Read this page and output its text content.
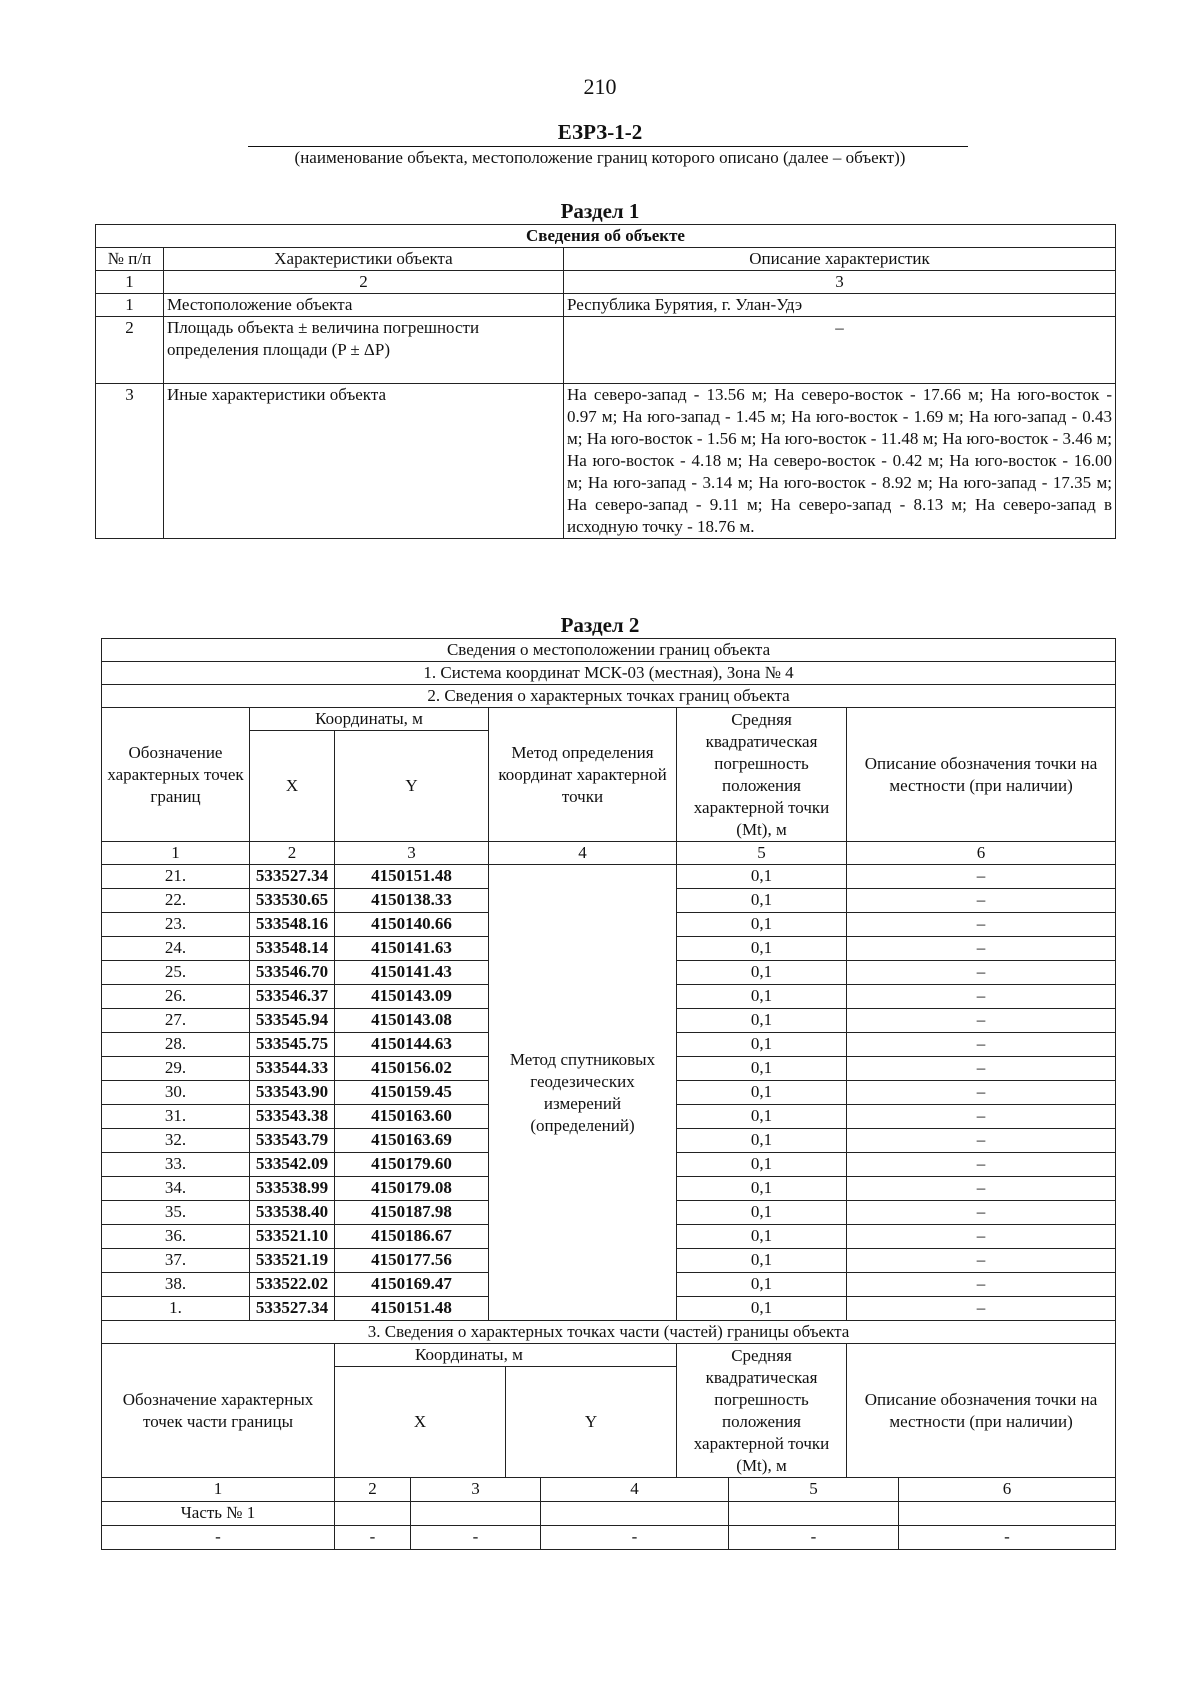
210
ЕЗРЗ-1-2
(наименование объекта, местоположение границ которого описано (далее – объект))
Раздел 1
Сведения об объекте		
№ п/п	Характеристики объекта	Описание характеристик
1	2	3
1	Местоположение объекта	Республика Бурятия, г. Улан-Удэ
2	Площадь объекта ± величина погрешности определения площади (P ± ΔP)	–
3	Иные характеристики объекта	На северо-запад - 13.56 м; На северо-восток - 17.66 м; На юго-восток - 0.97 м; На юго-запад - 1.45 м; На юго-восток - 1.69 м; На юго-запад - 0.43 м; На юго-восток - 1.56 м; На юго-восток - 11.48 м; На юго-восток - 3.46 м; На юго-восток - 4.18 м; На северо-восток - 0.42 м; На юго-восток - 16.00 м; На юго-запад - 3.14 м; На юго-восток - 8.92 м; На юго-запад - 17.35 м; На северо-запад - 9.11 м; На северо-запад - 8.13 м; На северо-запад в исходную точку - 18.76 м.
Раздел 2
Сведения о местоположении границ объекта
1. Система координат МСК-03 (местная), Зона № 4
2. Сведения о характерных точках границ объекта
Обозначение характерных точек границ	Координаты, м	Метод определения координат характерной точки	Средняя квадратическая погрешность положения характерной точки (Mt), м	Описание обозначения точки на местности (при наличии)
X	Y
1	2	3	4	5	6
21.	533527.34	4150151.48	Метод спутниковых геодезических измерений (определений)	0,1	–
22.	533530.65	4150138.33	0,1	–
23.	533548.16	4150140.66	0,1	–
24.	533548.14	4150141.63	0,1	–
25.	533546.70	4150141.43	0,1	–
26.	533546.37	4150143.09	0,1	–
27.	533545.94	4150143.08	0,1	–
28.	533545.75	4150144.63	0,1	–
29.	533544.33	4150156.02	0,1	–
30.	533543.90	4150159.45	0,1	–
31.	533543.38	4150163.60	0,1	–
32.	533543.79	4150163.69	0,1	–
33.	533542.09	4150179.60	0,1	–
34.	533538.99	4150179.08	0,1	–
35.	533538.40	4150187.98	0,1	–
36.	533521.10	4150186.67	0,1	–
37.	533521.19	4150177.56	0,1	–
38.	533522.02	4150169.47	0,1	–
1.	533527.34	4150151.48	0,1	–
3. Сведения о характерных точках части (частей) границы объекта
Обозначение характерных точек части границы	Координаты, м	Средняя квадратическая погрешность положения характерной точки (Mt), м	Описание обозначения точки на местности (при наличии)

X	Y
1	2	3	4	5	6
Часть № 1					
-	-	-	-	-	-
